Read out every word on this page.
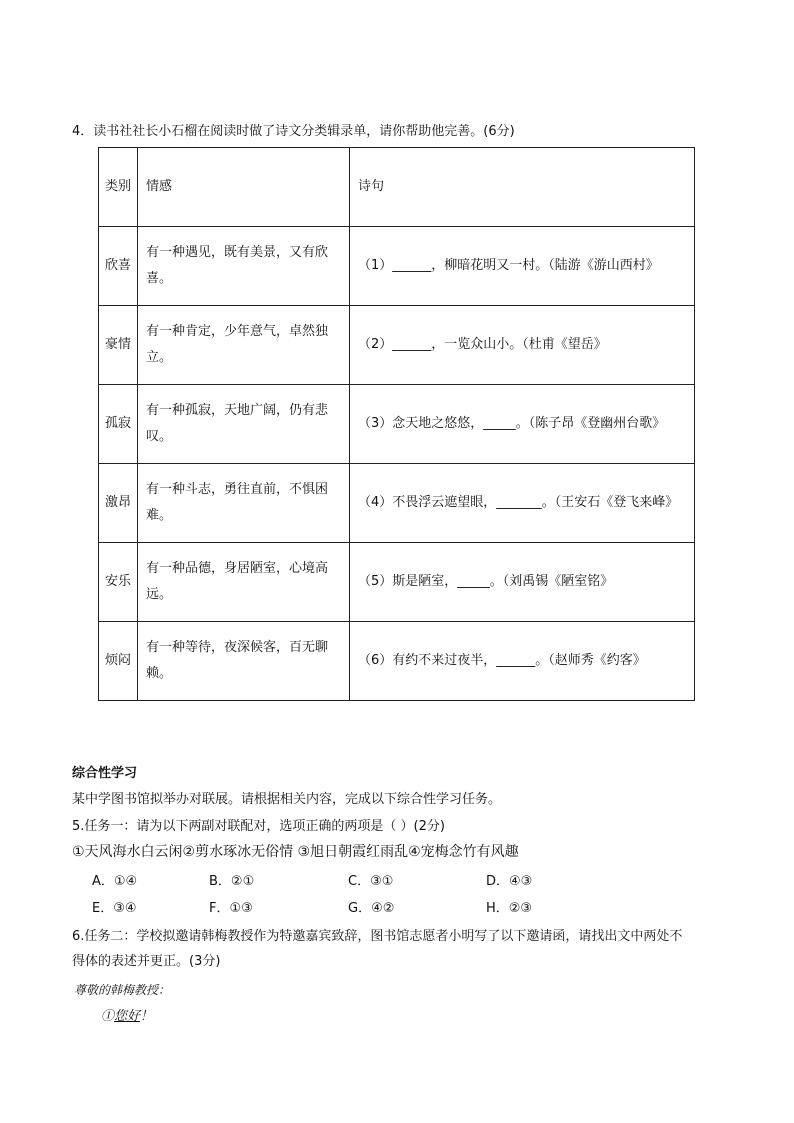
4．读书社社长小石榴在阅读时做了诗文分类辑录单，请你帮助他完善。(6分)
类别	情感	诗句
欣喜	有一种遇见，既有美景，又有欣喜。	（1）______，柳暗花明又一村。（陆游《游山西村》
豪情	有一种肯定，少年意气，卓然独立。	（2）______，一览众山小。（杜甫《望岳》
孤寂	有一种孤寂，天地广阔，仍有悲叹。	（3）念天地之悠悠，_____。（陈子昂《登幽州台歌》
激昂	有一种斗志，勇往直前，不惧困难。	（4）不畏浮云遮望眼，_______。（王安石《登飞来峰》
安乐	有一种品德，身居陋室，心境高远。	（5）斯是陋室，_____。（刘禹锡《陋室铭》
烦闷	有一种等待，夜深候客，百无聊赖。	（6）有约不来过夜半，______。（赵师秀《约客》
综合性学习
某中学图书馆拟举办对联展。请根据相关内容，完成以下综合性学习任务。
5.任务一：请为以下两副对联配对，选项正确的两项是（ ）(2分)
①天风海水白云闲②剪水琢冰无俗情 ③旭日朝霞红雨乱④宠梅念竹有风趣
A．①④	B．②①	C．③①	D．④③
E．③④	F．①③	G．④②	H．②③
6.任务二：学校拟邀请韩梅教授作为特邀嘉宾致辞，图书馆志愿者小明写了以下邀请函，请找出文中两处不
得体的表述并更正。(3分)
尊敬的韩梅教授：
①您好！
